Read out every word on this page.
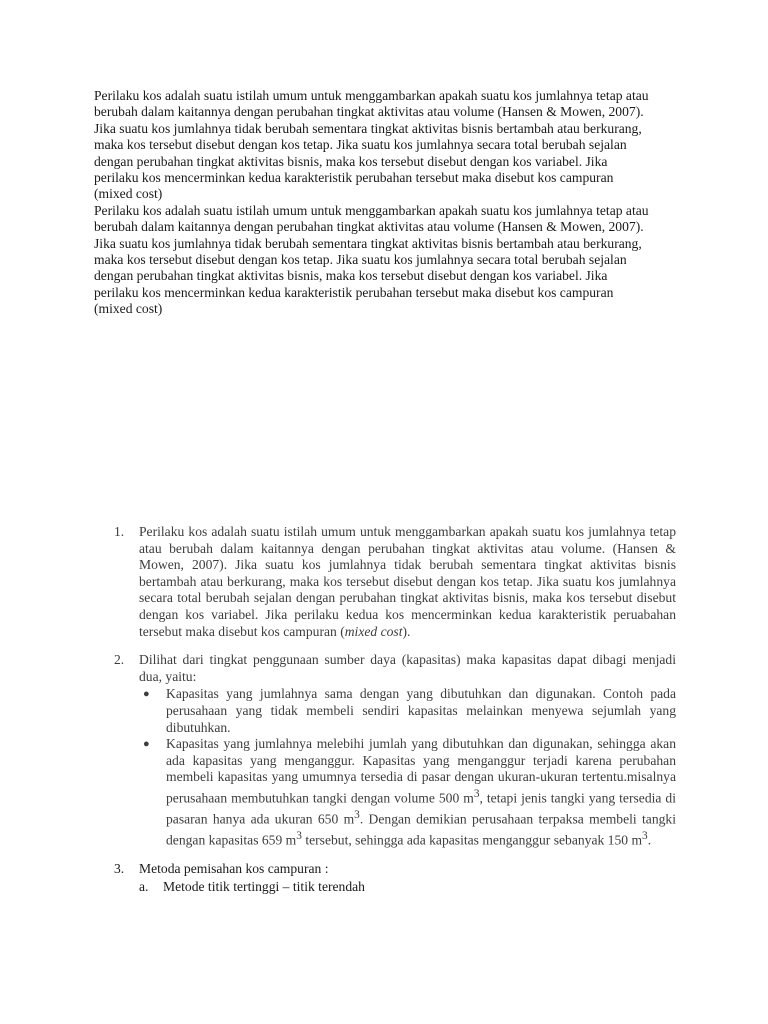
Perilaku kos adalah suatu istilah umum untuk menggambarkan apakah suatu kos jumlahnya tetap atau

berubah dalam kaitannya dengan perubahan tingkat aktivitas atau volume (Hansen & Mowen, 2007).

Jika suatu kos jumlahnya tidak berubah sementara tingkat aktivitas bisnis bertambah atau berkurang,

maka kos tersebut disebut dengan kos tetap. Jika suatu kos jumlahnya secara total berubah sejalan

dengan perubahan tingkat aktivitas bisnis, maka kos tersebut disebut dengan kos variabel. Jika

perilaku kos mencerminkan kedua karakteristik perubahan tersebut maka disebut kos campuran

(mixed cost)

Perilaku kos adalah suatu istilah umum untuk menggambarkan apakah suatu kos jumlahnya tetap atau

berubah dalam kaitannya dengan perubahan tingkat aktivitas atau volume (Hansen & Mowen, 2007).

Jika suatu kos jumlahnya tidak berubah sementara tingkat aktivitas bisnis bertambah atau berkurang,

maka kos tersebut disebut dengan kos tetap. Jika suatu kos jumlahnya secara total berubah sejalan

dengan perubahan tingkat aktivitas bisnis, maka kos tersebut disebut dengan kos variabel. Jika

perilaku kos mencerminkan kedua karakteristik perubahan tersebut maka disebut kos campuran

(mixed cost)

1. Perilaku kos adalah suatu istilah umum untuk menggambarkan apakah suatu kos jumlahnya tetap atau berubah dalam kaitannya dengan perubahan tingkat aktivitas atau volume. (Hansen & Mowen, 2007). Jika suatu kos jumlahnya tidak berubah sementara tingkat aktivitas bisnis bertambah atau berkurang, maka kos tersebut disebut dengan kos tetap. Jika suatu kos jumlahnya secara total berubah sejalan dengan perubahan tingkat aktivitas bisnis, maka kos tersebut disebut dengan kos variabel. Jika perilaku kedua kos mencerminkan kedua karakteristik peruabahan tersebut maka disebut kos campuran (mixed cost).
2. Dilihat dari tingkat penggunaan sumber daya (kapasitas) maka kapasitas dapat dibagi menjadi dua, yaitu:
● Kapasitas yang jumlahnya sama dengan yang dibutuhkan dan digunakan. Contoh pada perusahaan yang tidak membeli sendiri kapasitas melainkan menyewa sejumlah yang dibutuhkan.
● Kapasitas yang jumlahnya melebihi jumlah yang dibutuhkan dan digunakan, sehingga akan ada kapasitas yang menganggur. Kapasitas yang menganggur terjadi karena perubahan membeli kapasitas yang umumnya tersedia di pasar dengan ukuran-ukuran tertentu.misalnya perusahaan membutuhkan tangki dengan volume 500 $m^3$, tetapi jenis tangki yang tersedia di pasaran hanya ada ukuran 650 $m^3$. Dengan demikian perusahaan terpaksa membeli tangki dengan kapasitas 659 $m^3$ tersebut, sehingga ada kapasitas menganggur sebanyak 150 $m^3$.
3. Metoda pemisahan kos campuran :
a. Metode titik tertinggi – titik terendah
